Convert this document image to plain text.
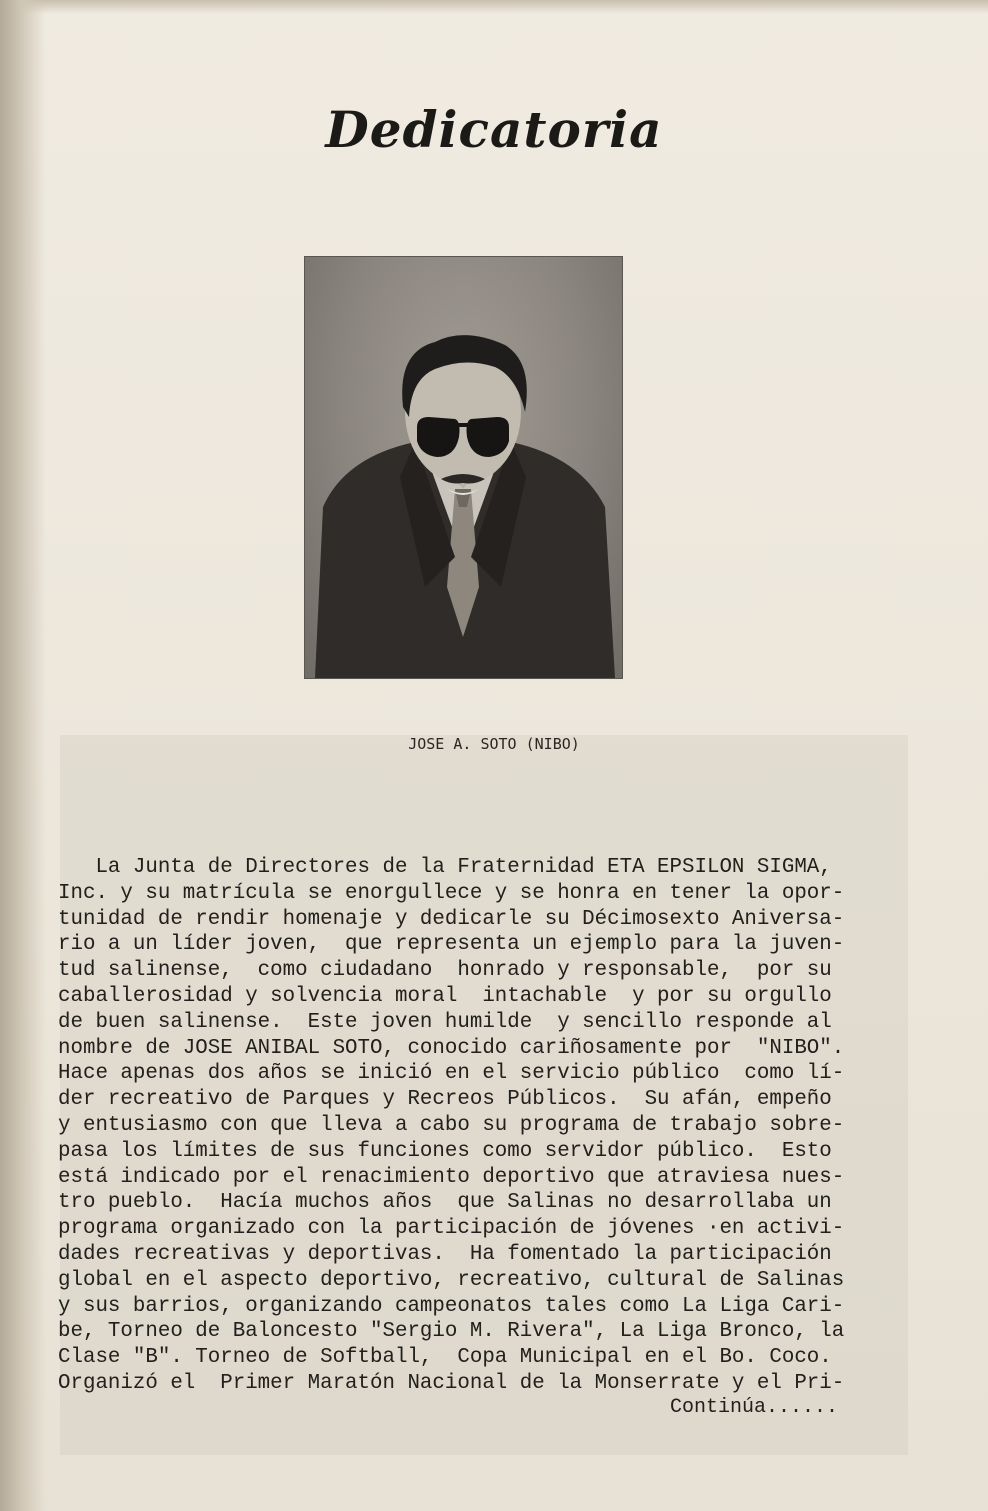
Dedicatoria

JOSE A. SOTO (NIBO)

La Junta de Directores de la Fraternidad ETA EPSILON SIGMA,
Inc. y su matrícula se enorgullece y se honra en tener la opor-
tunidad de rendir homenaje y dedicarle su Décimosexto Aniversa-
rio a un líder joven,  que representa un ejemplo para la juven-
tud salinense,  como ciudadano  honrado y responsable,  por su
caballerosidad y solvencia moral  intachable  y por su orgullo
de buen salinense.  Este joven humilde  y sencillo responde al
nombre de JOSE ANIBAL SOTO, conocido cariñosamente por  "NIBO".
Hace apenas dos años se inició en el servicio público  como lí-
der recreativo de Parques y Recreos Públicos.  Su afán, empeño
y entusiasmo con que lleva a cabo su programa de trabajo sobre-
pasa los límites de sus funciones como servidor público.  Esto
está indicado por el renacimiento deportivo que atraviesa nues-
tro pueblo.  Hacía muchos años  que Salinas no desarrollaba un
programa organizado con la participación de jóvenes ·en activi-
dades recreativas y deportivas.  Ha fomentado la participación
global en el aspecto deportivo, recreativo, cultural de Salinas
y sus barrios, organizando campeonatos tales como La Liga Cari-
be, Torneo de Baloncesto "Sergio M. Rivera", La Liga Bronco, la
Clase "B". Torneo de Softball,  Copa Municipal en el Bo. Coco.
Organizó el  Primer Maratón Nacional de la Monserrate y el Pri-

Continúa......
